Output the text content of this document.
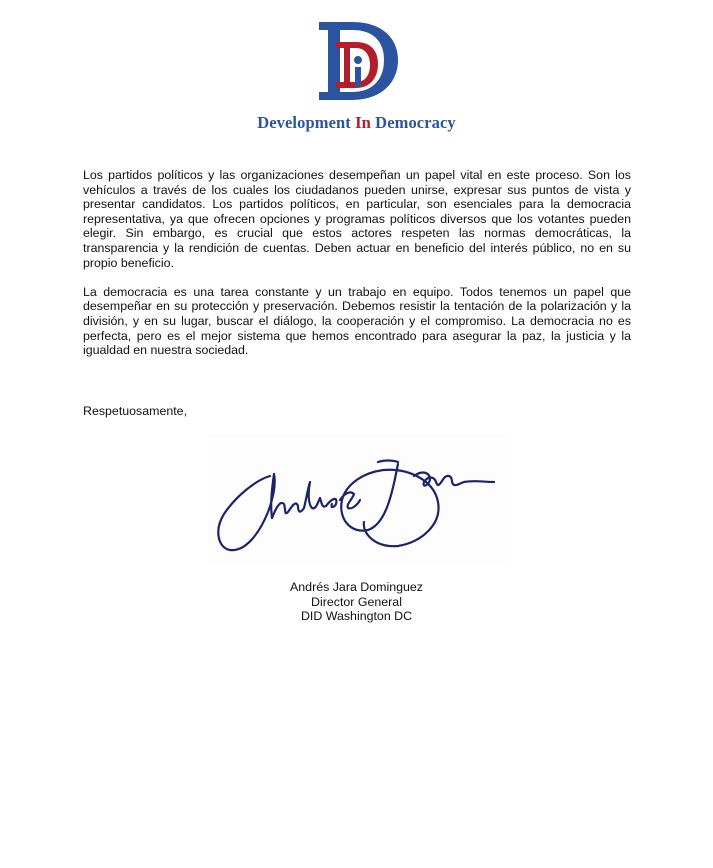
Development In Democracy

Los partidos políticos y las organizaciones desempeñan un papel vital en este proceso. Son los vehículos a través de los cuales los ciudadanos pueden unirse, expresar sus puntos de vista y presentar candidatos. Los partidos políticos, en particular, son esenciales para la democracia representativa, ya que ofrecen opciones y programas políticos diversos que los votantes pueden elegir. Sin embargo, es crucial que estos actores respeten las normas democráticas, la transparencia y la rendición de cuentas. Deben actuar en beneficio del interés público, no en su propio beneficio.

La democracia es una tarea constante y un trabajo en equipo. Todos tenemos un papel que desempeñar en su protección y preservación. Debemos resistir la tentación de la polarización y la división, y en su lugar, buscar el diálogo, la cooperación y el compromiso. La democracia no es perfecta, pero es el mejor sistema que hemos encontrado para asegurar la paz, la justicia y la igualdad en nuestra sociedad.

Respetuosamente,
Andrés Jara Dominguez
Director General
DID Washington DC
